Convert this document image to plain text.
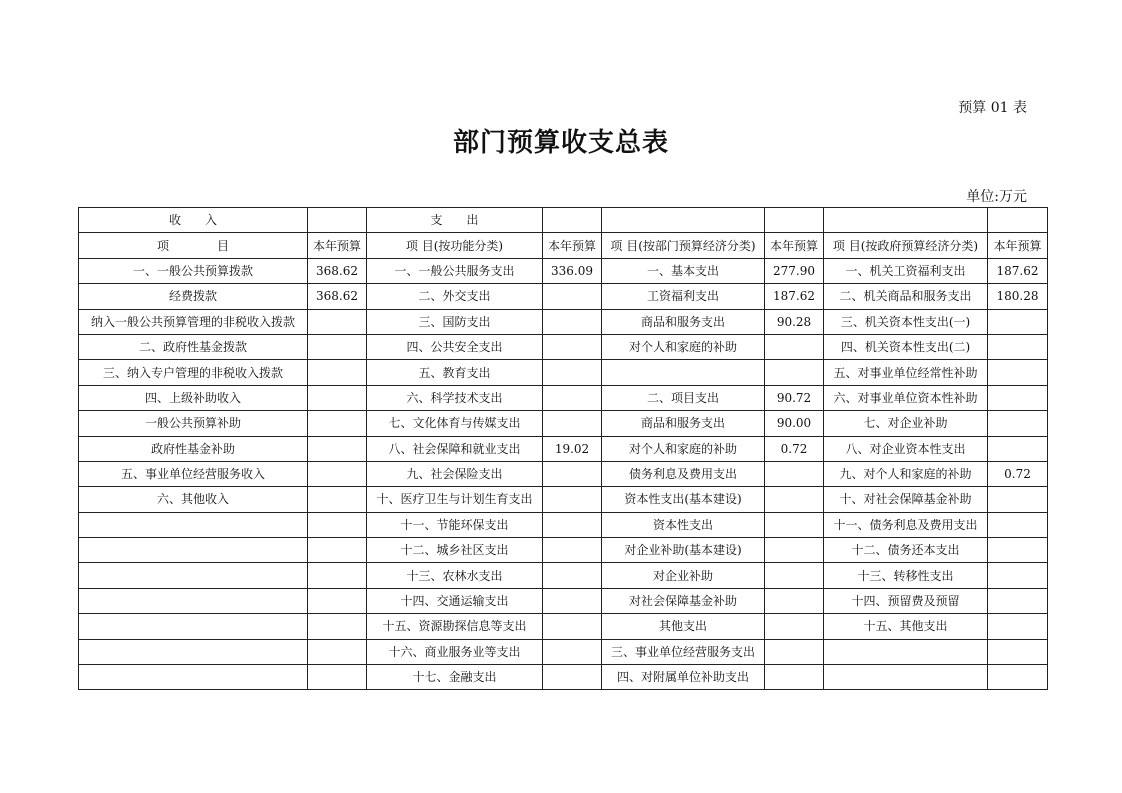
预算 01 表
部门预算收支总表
单位:万元
收　　入		支　　出					
项　　　　目	本年预算	项 目(按功能分类)	本年预算	项 目(按部门预算经济分类)	本年预算	项 目(按政府预算经济分类)	本年预算
一、一般公共预算拨款	368.62	一、一般公共服务支出	336.09	一、基本支出	277.90	一、机关工资福利支出	187.62
经费拨款	368.62	二、外交支出		工资福利支出	187.62	二、机关商品和服务支出	180.28
纳入一般公共预算管理的非税收入拨款		三、国防支出		商品和服务支出	90.28	三、机关资本性支出(一)	
二、政府性基金拨款		四、公共安全支出		对个人和家庭的补助		四、机关资本性支出(二)	
三、纳入专户管理的非税收入拨款		五、教育支出				五、对事业单位经常性补助	
四、上级补助收入		六、科学技术支出		二、项目支出	90.72	六、对事业单位资本性补助	
一般公共预算补助		七、文化体育与传媒支出		商品和服务支出	90.00	七、对企业补助	
政府性基金补助		八、社会保障和就业支出	19.02	对个人和家庭的补助	0.72	八、对企业资本性支出	
五、事业单位经营服务收入		九、社会保险支出		债务利息及费用支出		九、对个人和家庭的补助	0.72
六、其他收入		十、医疗卫生与计划生育支出		资本性支出(基本建设)		十、对社会保障基金补助	
		十一、节能环保支出		资本性支出		十一、债务利息及费用支出	
		十二、城乡社区支出		对企业补助(基本建设)		十二、债务还本支出	
		十三、农林水支出		对企业补助		十三、转移性支出	
		十四、交通运输支出		对社会保障基金补助		十四、预留费及预留	
		十五、资源勘探信息等支出		其他支出		十五、其他支出	
		十六、商业服务业等支出		三、事业单位经营服务支出			
		十七、金融支出		四、对附属单位补助支出			
